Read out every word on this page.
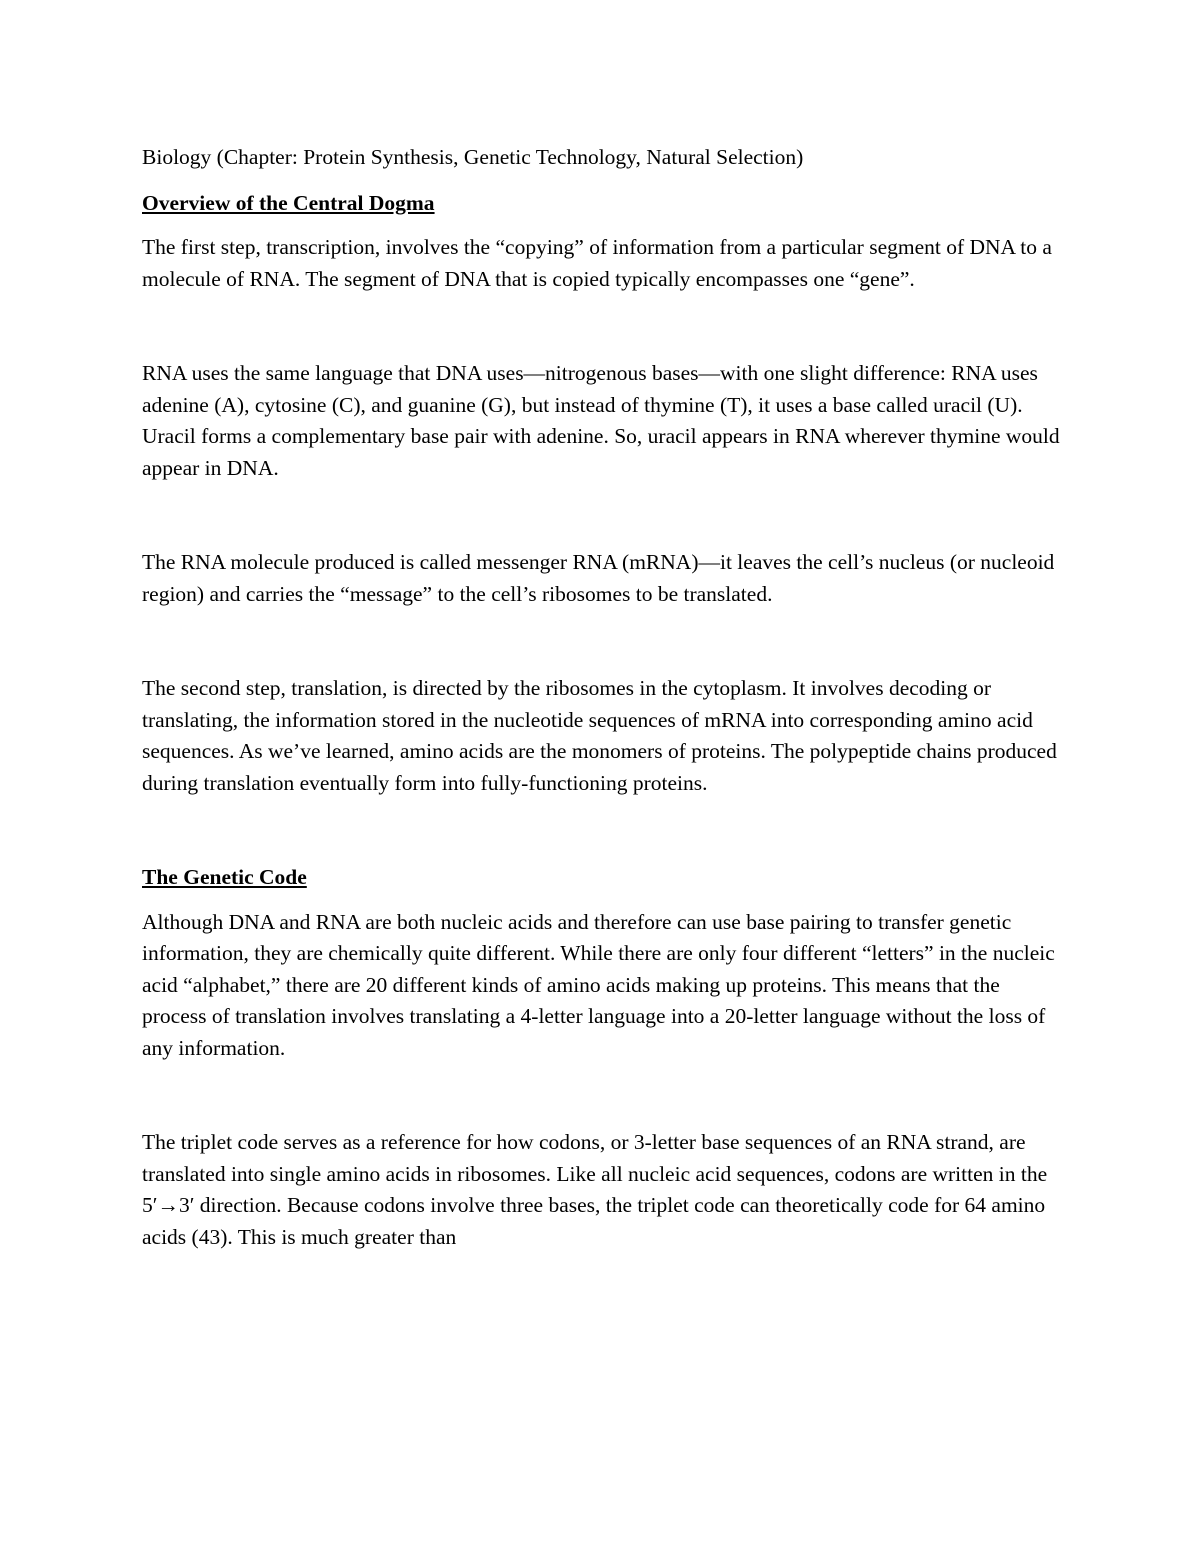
Biology (Chapter: Protein Synthesis, Genetic Technology, Natural Selection)
Overview of the Central Dogma
The first step, transcription, involves the “copying” of information from a particular segment of DNA to a molecule of RNA. The segment of DNA that is copied typically encompasses one “gene”.
RNA uses the same language that DNA uses—nitrogenous bases—with one slight difference: RNA uses adenine (A), cytosine (C), and guanine (G), but instead of thymine (T), it uses a base called uracil (U). Uracil forms a complementary base pair with adenine. So, uracil appears in RNA wherever thymine would appear in DNA.
The RNA molecule produced is called messenger RNA (mRNA)—it leaves the cell’s nucleus (or nucleoid region) and carries the “message” to the cell’s ribosomes to be translated.
The second step, translation, is directed by the ribosomes in the cytoplasm. It involves decoding or translating, the information stored in the nucleotide sequences of mRNA into corresponding amino acid sequences. As we’ve learned, amino acids are the monomers of proteins. The polypeptide chains produced during translation eventually form into fully-functioning proteins.
The Genetic Code
Although DNA and RNA are both nucleic acids and therefore can use base pairing to transfer genetic information, they are chemically quite different. While there are only four different “letters” in the nucleic acid “alphabet,” there are 20 different kinds of amino acids making up proteins. This means that the process of translation involves translating a 4-letter language into a 20-letter language without the loss of any information.
The triplet code serves as a reference for how codons, or 3-letter base sequences of an RNA strand, are translated into single amino acids in ribosomes. Like all nucleic acid sequences, codons are written in the 5′→3′ direction. Because codons involve three bases, the triplet code can theoretically code for 64 amino acids (43). This is much greater than
